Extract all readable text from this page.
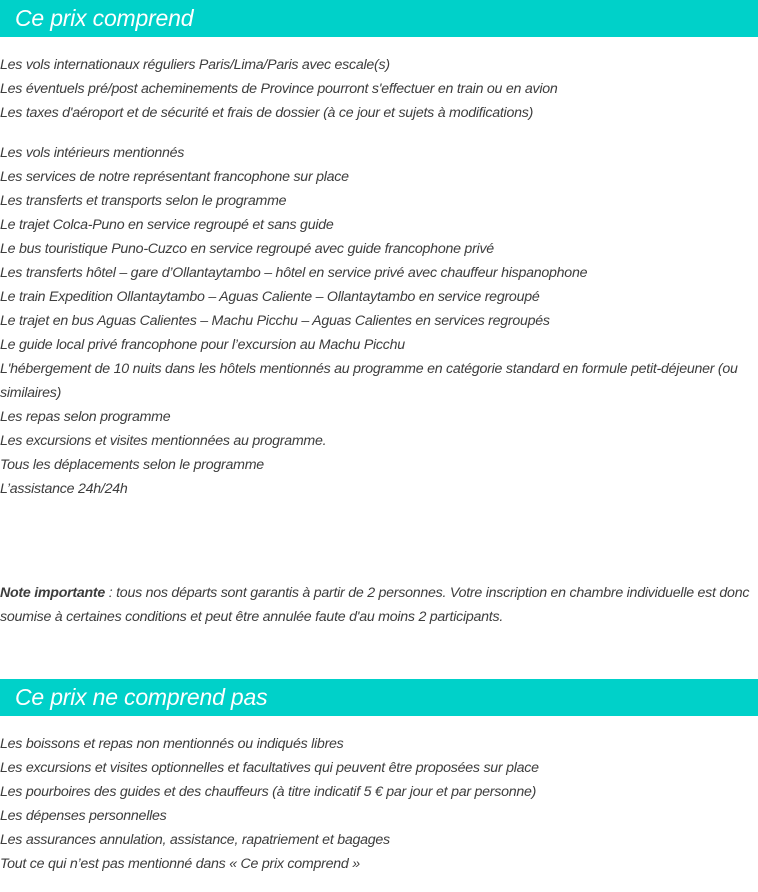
Ce prix comprend
Les vols internationaux réguliers Paris/Lima/Paris avec escale(s)
Les éventuels pré/post acheminements de Province pourront s'effectuer en train ou en avion
Les taxes d'aéroport et de sécurité et frais de dossier (à ce jour et sujets à modifications)
Les vols intérieurs mentionnés
Les services de notre représentant francophone sur place
Les transferts et transports selon le programme
Le trajet Colca-Puno en service regroupé et sans guide
Le bus touristique Puno-Cuzco en service regroupé avec guide francophone privé
Les transferts hôtel – gare d’Ollantaytambo – hôtel en service privé avec chauffeur hispanophone
Le train Expedition Ollantaytambo – Aguas Caliente – Ollantaytambo en service regroupé
Le trajet en bus Aguas Calientes – Machu Picchu – Aguas Calientes en services regroupés
Le guide local privé francophone pour l’excursion au Machu Picchu
L'hébergement de 10 nuits dans les hôtels mentionnés au programme en catégorie standard en formule petit-déjeuner (ou similaires)
Les repas selon programme
Les excursions et visites mentionnées au programme.
Tous les déplacements selon le programme
L’assistance 24h/24h

Note importante : tous nos départs sont garantis à partir de 2 personnes. Votre inscription en chambre individuelle est donc soumise à certaines conditions et peut être annulée faute d'au moins 2 participants.

Ce prix ne comprend pas
Les boissons et repas non mentionnés ou indiqués libres
Les excursions et visites optionnelles et facultatives qui peuvent être proposées sur place
Les pourboires des guides et des chauffeurs (à titre indicatif 5 € par jour et par personne)
Les dépenses personnelles
Les assurances annulation, assistance, rapatriement et bagages
Tout ce qui n’est pas mentionné dans « Ce prix comprend »
